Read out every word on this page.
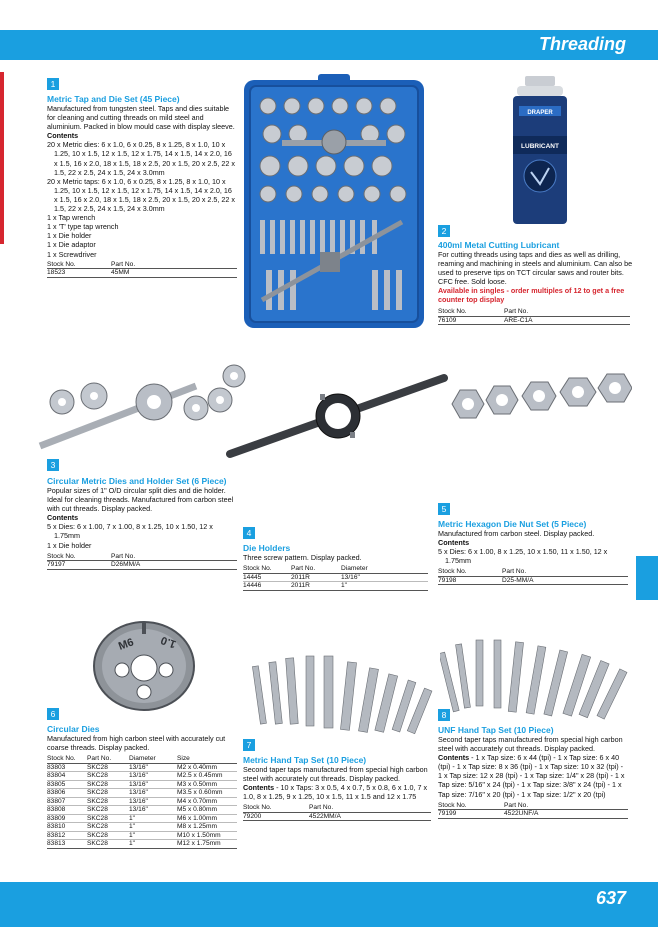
Threading
1
Metric Tap and Die Set (45 Piece)
Manufactured from tungsten steel. Taps and dies suitable for cleaning and cutting threads on mild steel and aluminium. Packed in blow mould case with display sleeve.
Contents
20 x Metric dies: 6 x 1.0, 6 x 0.25, 8 x 1.25, 8 x 1.0, 10 x 1.25, 10 x 1.5, 12 x 1.5, 12 x 1.75, 14 x 1.5, 14 x 2.0, 16 x 1.5, 16 x 2.0, 18 x 1.5, 18 x 2.5, 20 x 1.5, 20 x 2.5, 22 x 1.5, 22 x 2.5, 24 x 1.5, 24 x 3.0mm
20 x Metric taps: 6 x 1.0, 6 x 0.25, 8 x 1.25, 8 x 1.0, 10 x 1.25, 10 x 1.5, 12 x 1.5, 12 x 1.75, 14 x 1.5, 14 x 2.0, 16 x 1.5, 16 x 2.0, 18 x 1.5, 18 x 2.5, 20 x 1.5, 20 x 2.5, 22 x 1.5, 22 x 2.5, 24 x 1.5, 24 x 3.0mm
1 x Tap wrench
1 x 'T' type tap wrench
1 x Die holder
1 x Die adaptor
1 x Screwdriver
Stock No.	Part No.
18523	45MM
LUBRICANT
DRAPER
2
400ml Metal Cutting Lubricant
For cutting threads using taps and dies as well as drilling, reaming and machining in steels and aluminium. Can also be used to preserve tips on TCT circular saws and router bits. CFC free. Sold loose.
Available in singles - order multiples of 12 to get a free counter top display
Stock No.	Part No.
76109	ARE-C1A
3
Circular Metric Dies and Holder Set (6 Piece)
Popular sizes of 1" O/D circular split dies and die holder. Ideal for cleaning threads. Manufactured from carbon steel with cut threads. Display packed.
Contents
5 x Dies: 6 x 1.00, 7 x 1.00, 8 x 1.25, 10 x 1.50, 12 x 1.75mm
1 x Die holder
Stock No.	Part No.
79197	D26MM/A
4
Die Holders
Three screw pattern. Display packed.
Stock No.	Part No.	Diameter
14445	2011R	13/16"
14446	2011R	1"
5
Metric Hexagon Die Nut Set (5 Piece)
Manufactured from carbon steel. Display packed.
Contents
5 x Dies: 6 x 1.00, 8 x 1.25, 10 x 1.50, 11 x 1.50, 12 x 1.75mm
Stock No.	Part No.
79198	D25-MM/A
M6 1.0
6
Circular Dies
Manufactured from high carbon steel with accurately cut coarse threads. Display packed.
Stock No.	Part No.	Diameter	Size
83803	SKC28	13/16"	M2 x 0.40mm
83804	SKC28	13/16"	M2.5 x 0.45mm
83805	SKC28	13/16"	M3 x 0.50mm
83806	SKC28	13/16"	M3.5 x 0.60mm
83807	SKC28	13/16"	M4 x 0.70mm
83808	SKC28	13/16"	M5 x 0.80mm
83809	SKC28	1"	M6 x 1.00mm
83810	SKC28	1"	M8 x 1.25mm
83812	SKC28	1"	M10 x 1.50mm
83813	SKC28	1"	M12 x 1.75mm
7
Metric Hand Tap Set (10 Piece)
Second taper taps manufactured from special high carbon steel with accurately cut threads. Display packed.
Contents - 10 x Taps: 3 x 0.5, 4 x 0.7, 5 x 0.8, 6 x 1.0, 7 x 1.0, 8 x 1.25, 9 x 1.25, 10 x 1.5, 11 x 1.5 and 12 x 1.75
Stock No.	Part No.
79200	4522MM/A
8
UNF Hand Tap Set (10 Piece)
Second taper taps manufactured from special high carbon steel with accurately cut threads. Display packed.
Contents - 1 x Tap size: 6 x 44 (tpi) - 1 x Tap size: 6 x 40 (tpi) - 1 x Tap size: 8 x 36 (tpi) - 1 x Tap size: 10 x 32 (tpi) - 1 x Tap size: 12 x 28 (tpi) - 1 x Tap size: 1/4" x 28 (tpi) - 1 x Tap size: 5/16" x 24 (tpi) - 1 x Tap size: 3/8" x 24 (tpi) - 1 x Tap size: 7/16" x 20 (tpi) - 1 x Tap size: 1/2" x 20 (tpi)
Stock No.	Part No.
79199	4522UNF/A
637
